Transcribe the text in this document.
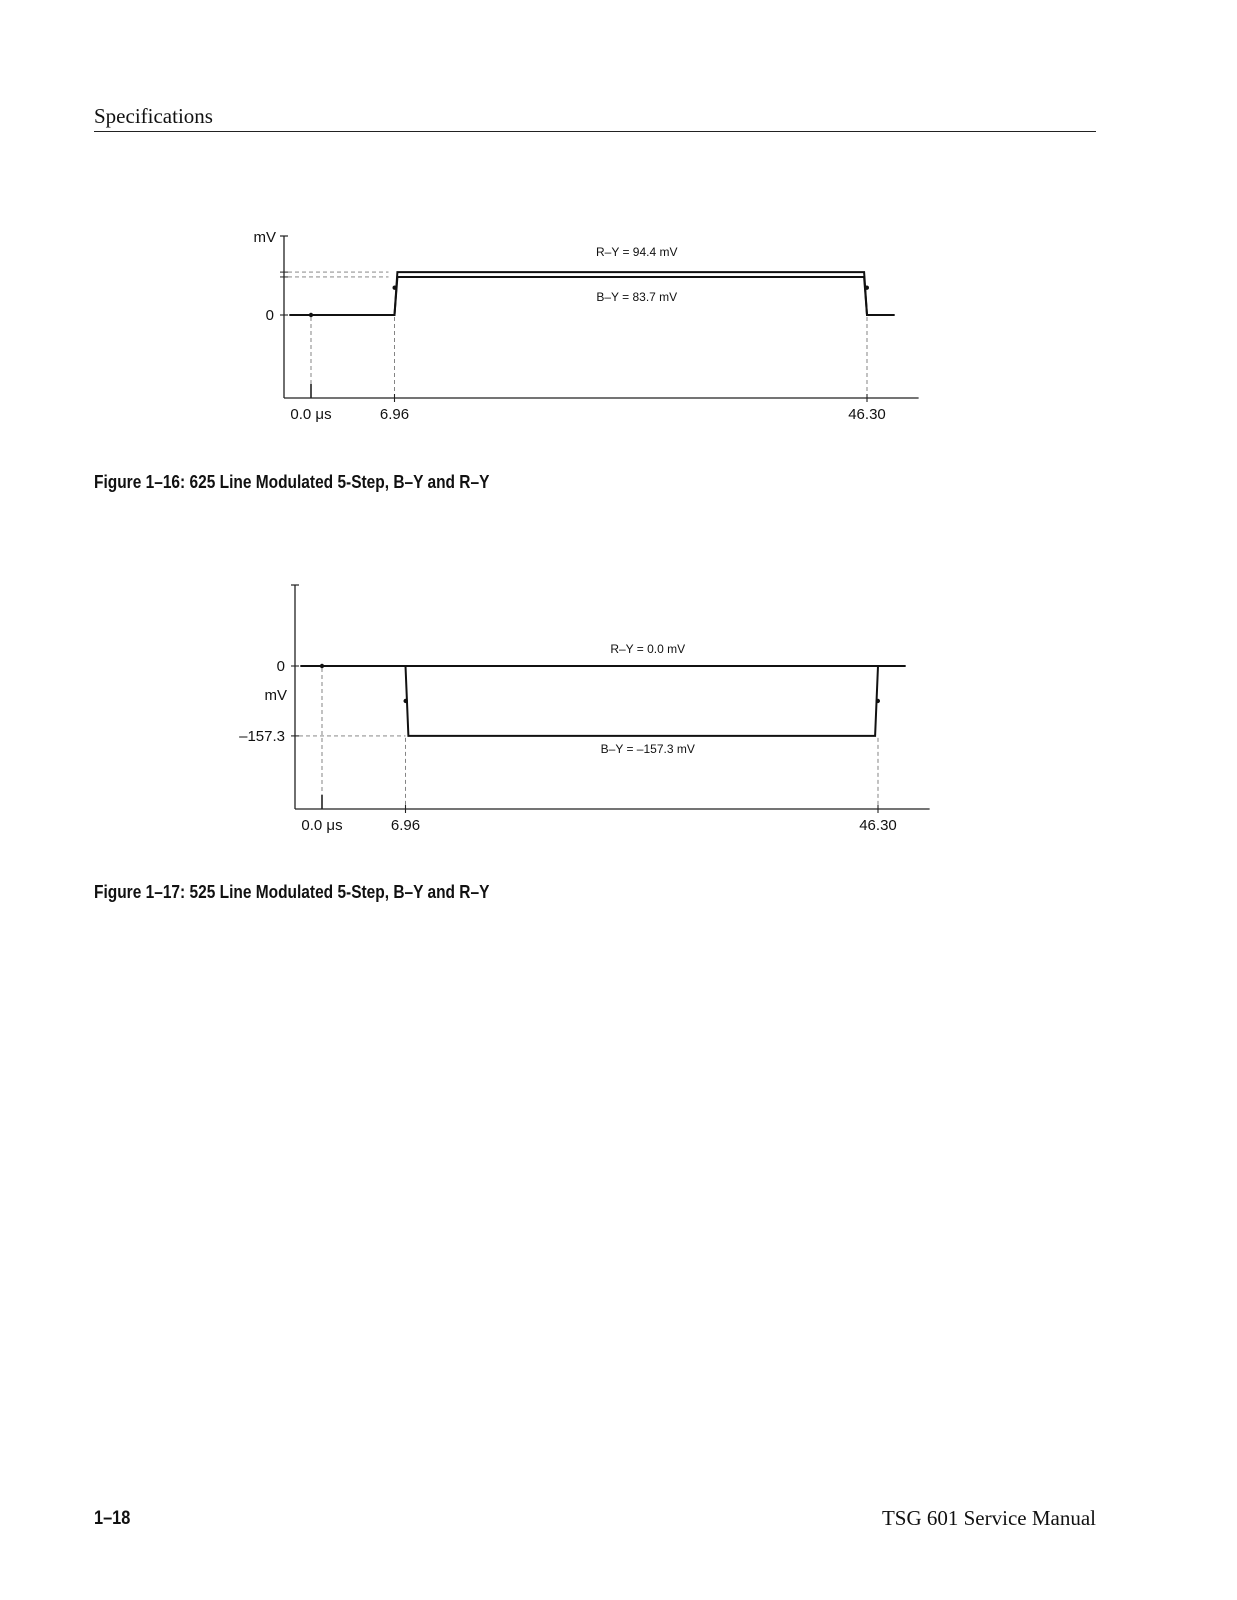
Specifications
mV
0
0.0 μs	6.96	46.30
R–Y = 94.4 mV
B–Y = 83.7 mV
Figure 1–16: 625 Line Modulated 5-Step, B–Y and R–Y
mV
0
–157.3
0.0 μs	6.96	46.30
R–Y = 0.0 mV
B–Y = –157.3 mV
Figure 1–17: 525 Line Modulated 5-Step, B–Y and R–Y
1–18	TSG 601 Service Manual
